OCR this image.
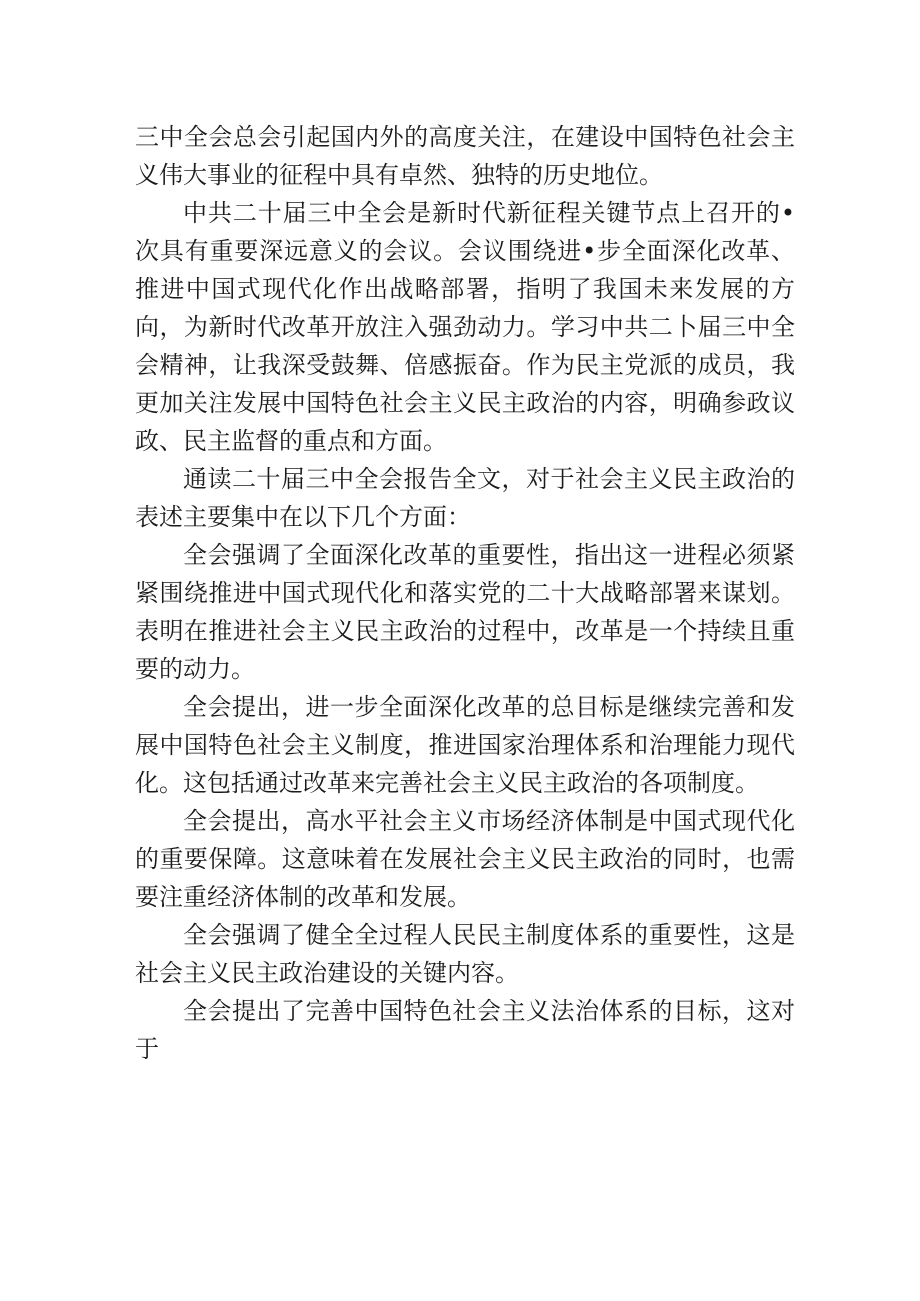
三中全会总会引起国内外的高度关注，在建设中国特色社会主义伟大事业的征程中具有卓然、独特的历史地位。

中共二十届三中全会是新时代新征程关键节点上召开的•次具有重要深远意义的会议。会议围绕进•步全面深化改革、推进中国式现代化作出战略部署，指明了我国未来发展的方向，为新时代改革开放注入强劲动力。学习中共二卜届三中全会精神，让我深受鼓舞、倍感振奋。作为民主党派的成员，我更加关注发展中国特色社会主义民主政治的内容，明确参政议政、民主监督的重点和方面。

通读二十届三中全会报告全文，对于社会主义民主政治的表述主要集中在以下几个方面：

全会强调了全面深化改革的重要性，指出这一进程必须紧紧围绕推进中国式现代化和落实党的二十大战略部署来谋划。表明在推进社会主义民主政治的过程中，改革是一个持续且重要的动力。

全会提出，进一步全面深化改革的总目标是继续完善和发展中国特色社会主义制度，推进国家治理体系和治理能力现代化。这包括通过改革来完善社会主义民主政治的各项制度。

全会提出，高水平社会主义市场经济体制是中国式现代化的重要保障。这意味着在发展社会主义民主政治的同时，也需要注重经济体制的改革和发展。

全会强调了健全全过程人民民主制度体系的重要性，这是社会主义民主政治建设的关键内容。

全会提出了完善中国特色社会主义法治体系的目标，这对于
